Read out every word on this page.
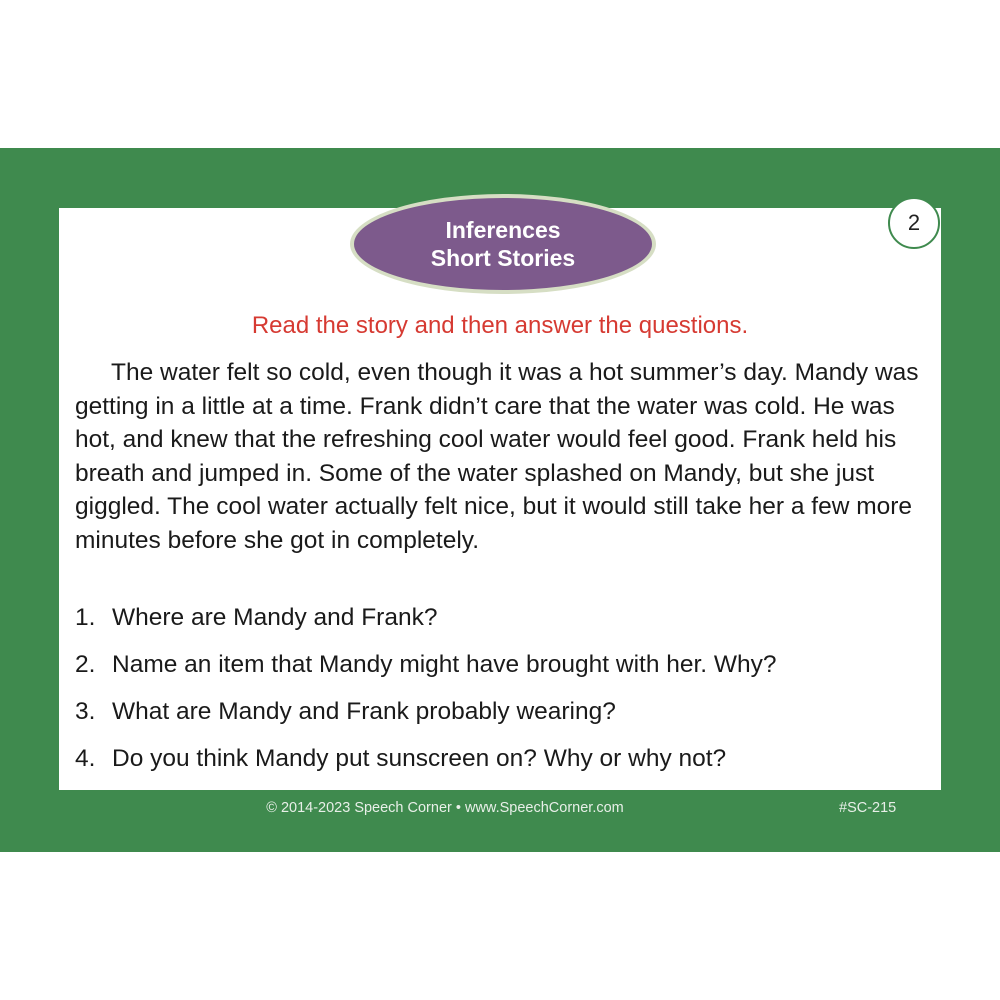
Inferences
Short Stories
2
Read the story and then answer the questions.

The water felt so cold, even though it was a hot summer’s day. Mandy was getting in a little at a time. Frank didn’t care that the water was cold. He was hot, and knew that the refreshing cool water would feel good. Frank held his breath and jumped in. Some of the water splashed on Mandy, but she just giggled. The cool water actually felt nice, but it would still take her a few more minutes before she got in completely.

1. Where are Mandy and Frank?
2. Name an item that Mandy might have brought with her. Why?
3. What are Mandy and Frank probably wearing?
4. Do you think Mandy put sunscreen on? Why or why not?
© 2014-2023 Speech Corner • www.SpeechCorner.com	#SC-215
